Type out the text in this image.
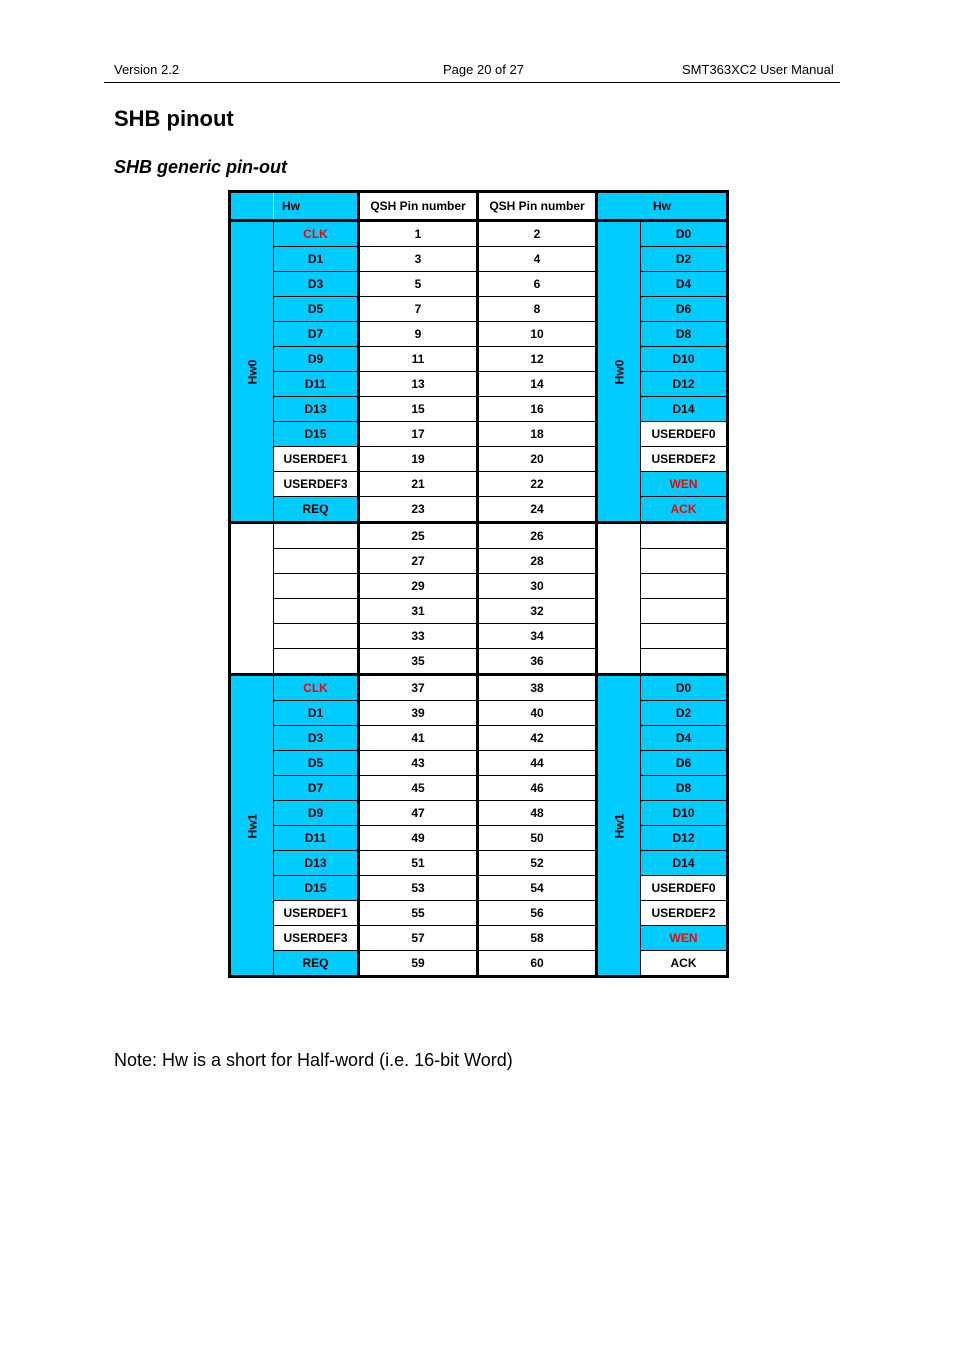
Version 2.2	Page 20 of 27	SMT363XC2 User Manual
SHB pinout
SHB generic pin-out
	Hw	QSH Pin number	QSH Pin number	Hw	
Hw0	CLK	1	2	Hw0	D0
	D1	3	4		D2
	D3	5	6		D4
	D5	7	8		D6
	D7	9	10		D8
	D9	11	12		D10
	D11	13	14		D12
	D13	15	16		D14
	D15	17	18		USERDEF0
	USERDEF1	19	20		USERDEF2
	USERDEF3	21	22		WEN
	REQ	23	24		ACK
		25	26		
		27	28		
		29	30		
		31	32		
		33	34		
		35	36		
Hw1	CLK	37	38	Hw1	D0
	D1	39	40		D2
	D3	41	42		D4
	D5	43	44		D6
	D7	45	46		D8
	D9	47	48		D10
	D11	49	50		D12
	D13	51	52		D14
	D15	53	54		USERDEF0
	USERDEF1	55	56		USERDEF2
	USERDEF3	57	58		WEN
	REQ	59	60		ACK
Note: Hw is a short for Half-word (i.e. 16-bit Word)
